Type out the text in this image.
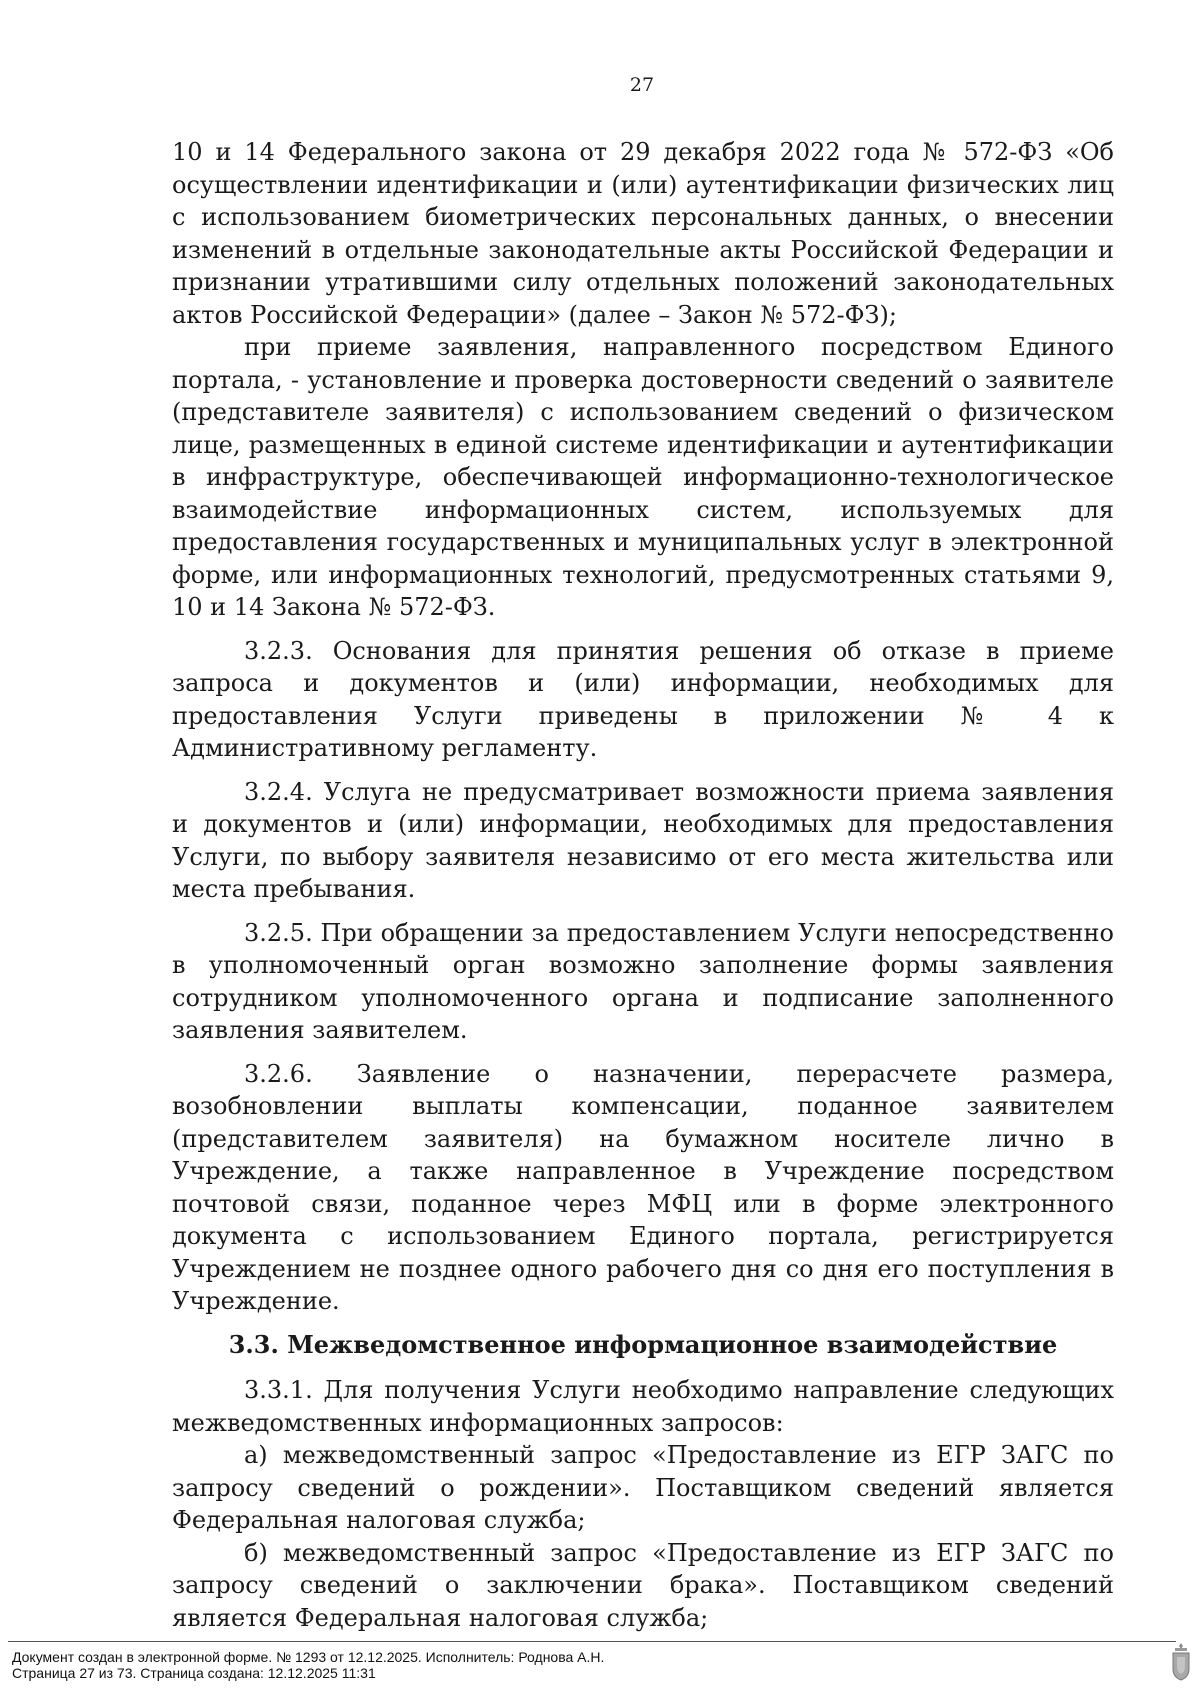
27

10 и 14 Федерального закона от 29 декабря 2022 года № 572-ФЗ «Об осуществлении идентификации и (или) аутентификации физических лиц с использованием биометрических персональных данных, о внесении изменений в отдельные законодательные акты Российской Федерации и признании утратившими силу отдельных положений законодательных актов Российской Федерации» (далее – Закон № 572-ФЗ);

при приеме заявления, направленного посредством Единого портала, - установление и проверка достоверности сведений о заявителе (представителе заявителя) с использованием сведений о физическом лице, размещенных в единой системе идентификации и аутентификации в инфраструктуре, обеспечивающей информационно-технологическое взаимодействие информационных систем, используемых для предоставления государственных и муниципальных услуг в электронной форме, или информационных технологий, предусмотренных статьями 9, 10 и 14 Закона № 572-ФЗ.

3.2.3. Основания для принятия решения об отказе в приеме запроса и документов и (или) информации, необходимых для предоставления Услуги приведены в приложении № 4 к Административному регламенту.

3.2.4. Услуга не предусматривает возможности приема заявления и документов и (или) информации, необходимых для предоставления Услуги, по выбору заявителя независимо от его места жительства или места пребывания.

3.2.5. При обращении за предоставлением Услуги непосредственно в уполномоченный орган возможно заполнение формы заявления сотрудником уполномоченного органа и подписание заполненного заявления заявителем.

3.2.6. Заявление о назначении, перерасчете размера, возобновлении выплаты компенсации, поданное заявителем (представителем заявителя) на бумажном носителе лично в Учреждение, а также направленное в Учреждение посредством почтовой связи, поданное через МФЦ или в форме электронного документа с использованием Единого портала, регистрируется Учреждением не позднее одного рабочего дня со дня его поступления в Учреждение.

3.3. Межведомственное информационное взаимодействие

3.3.1. Для получения Услуги необходимо направление следующих межведомственных информационных запросов:

а) межведомственный запрос «Предоставление из ЕГР ЗАГС по запросу сведений о рождении». Поставщиком сведений является Федеральная налоговая служба;

б) межведомственный запрос «Предоставление из ЕГР ЗАГС по запросу сведений о заключении брака». Поставщиком сведений является Федеральная налоговая служба;

Документ создан в электронной форме. № 1293 от 12.12.2025. Исполнитель: Роднова А.Н.
Страница 27 из 73. Страница создана: 12.12.2025 11:31
